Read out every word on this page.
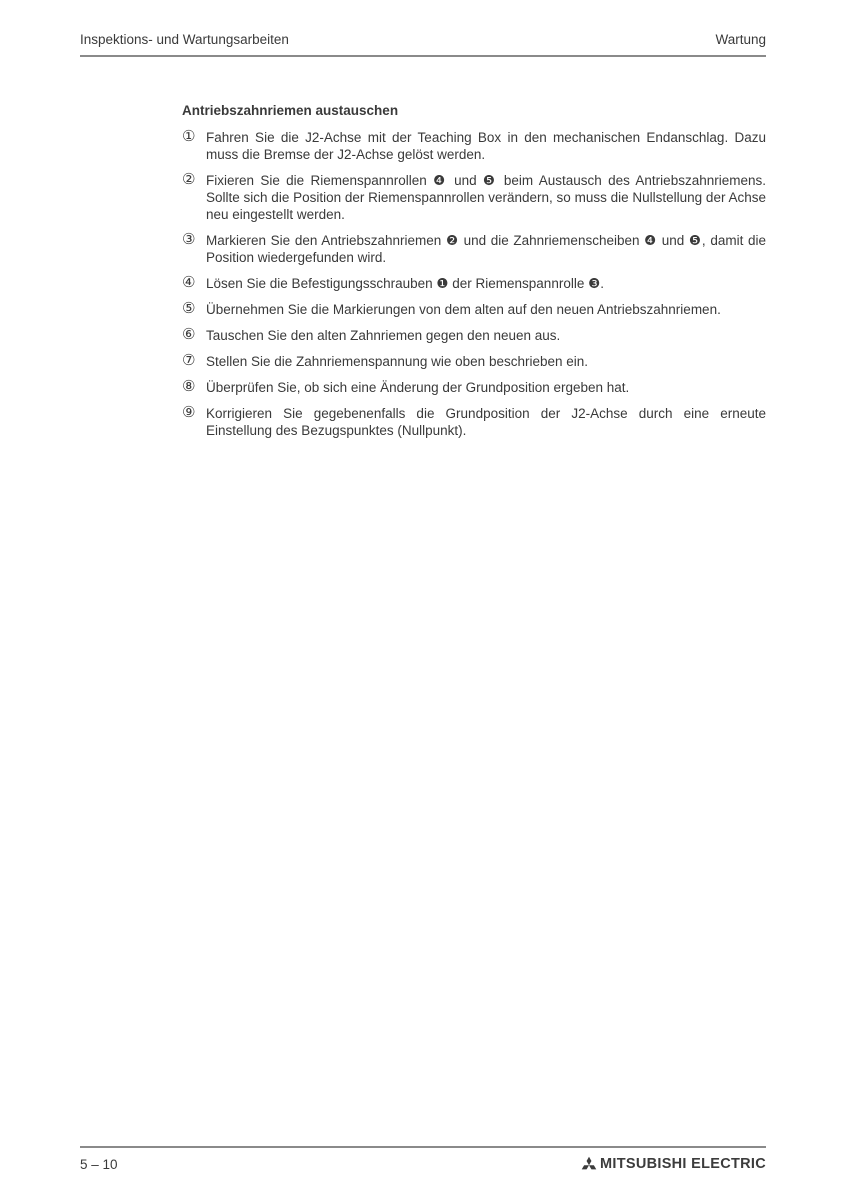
Inspektions- und Wartungsarbeiten	Wartung

Antriebszahnriemen austauschen

① Fahren Sie die J2-Achse mit der Teaching Box in den mechanischen Endanschlag. Dazu muss die Bremse der J2-Achse gelöst werden.
② Fixieren Sie die Riemenspannrollen ❹ und ❺ beim Austausch des Antriebszahnriemens. Sollte sich die Position der Riemenspannrollen verändern, so muss die Nullstellung der Achse neu eingestellt werden.
③ Markieren Sie den Antriebszahnriemen ❷ und die Zahnriemenscheiben ❹ und ❺, damit die Position wiedergefunden wird.
④ Lösen Sie die Befestigungsschrauben ❶ der Riemenspannrolle ❸.
⑤ Übernehmen Sie die Markierungen von dem alten auf den neuen Antriebszahnriemen.
⑥ Tauschen Sie den alten Zahnriemen gegen den neuen aus.
⑦ Stellen Sie die Zahnriemenspannung wie oben beschrieben ein.
⑧ Überprüfen Sie, ob sich eine Änderung der Grundposition ergeben hat.
⑨ Korrigieren Sie gegebenenfalls die Grundposition der J2-Achse durch eine erneute Einstellung des Bezugspunktes (Nullpunkt).
5 – 10	MITSUBISHI ELECTRIC
